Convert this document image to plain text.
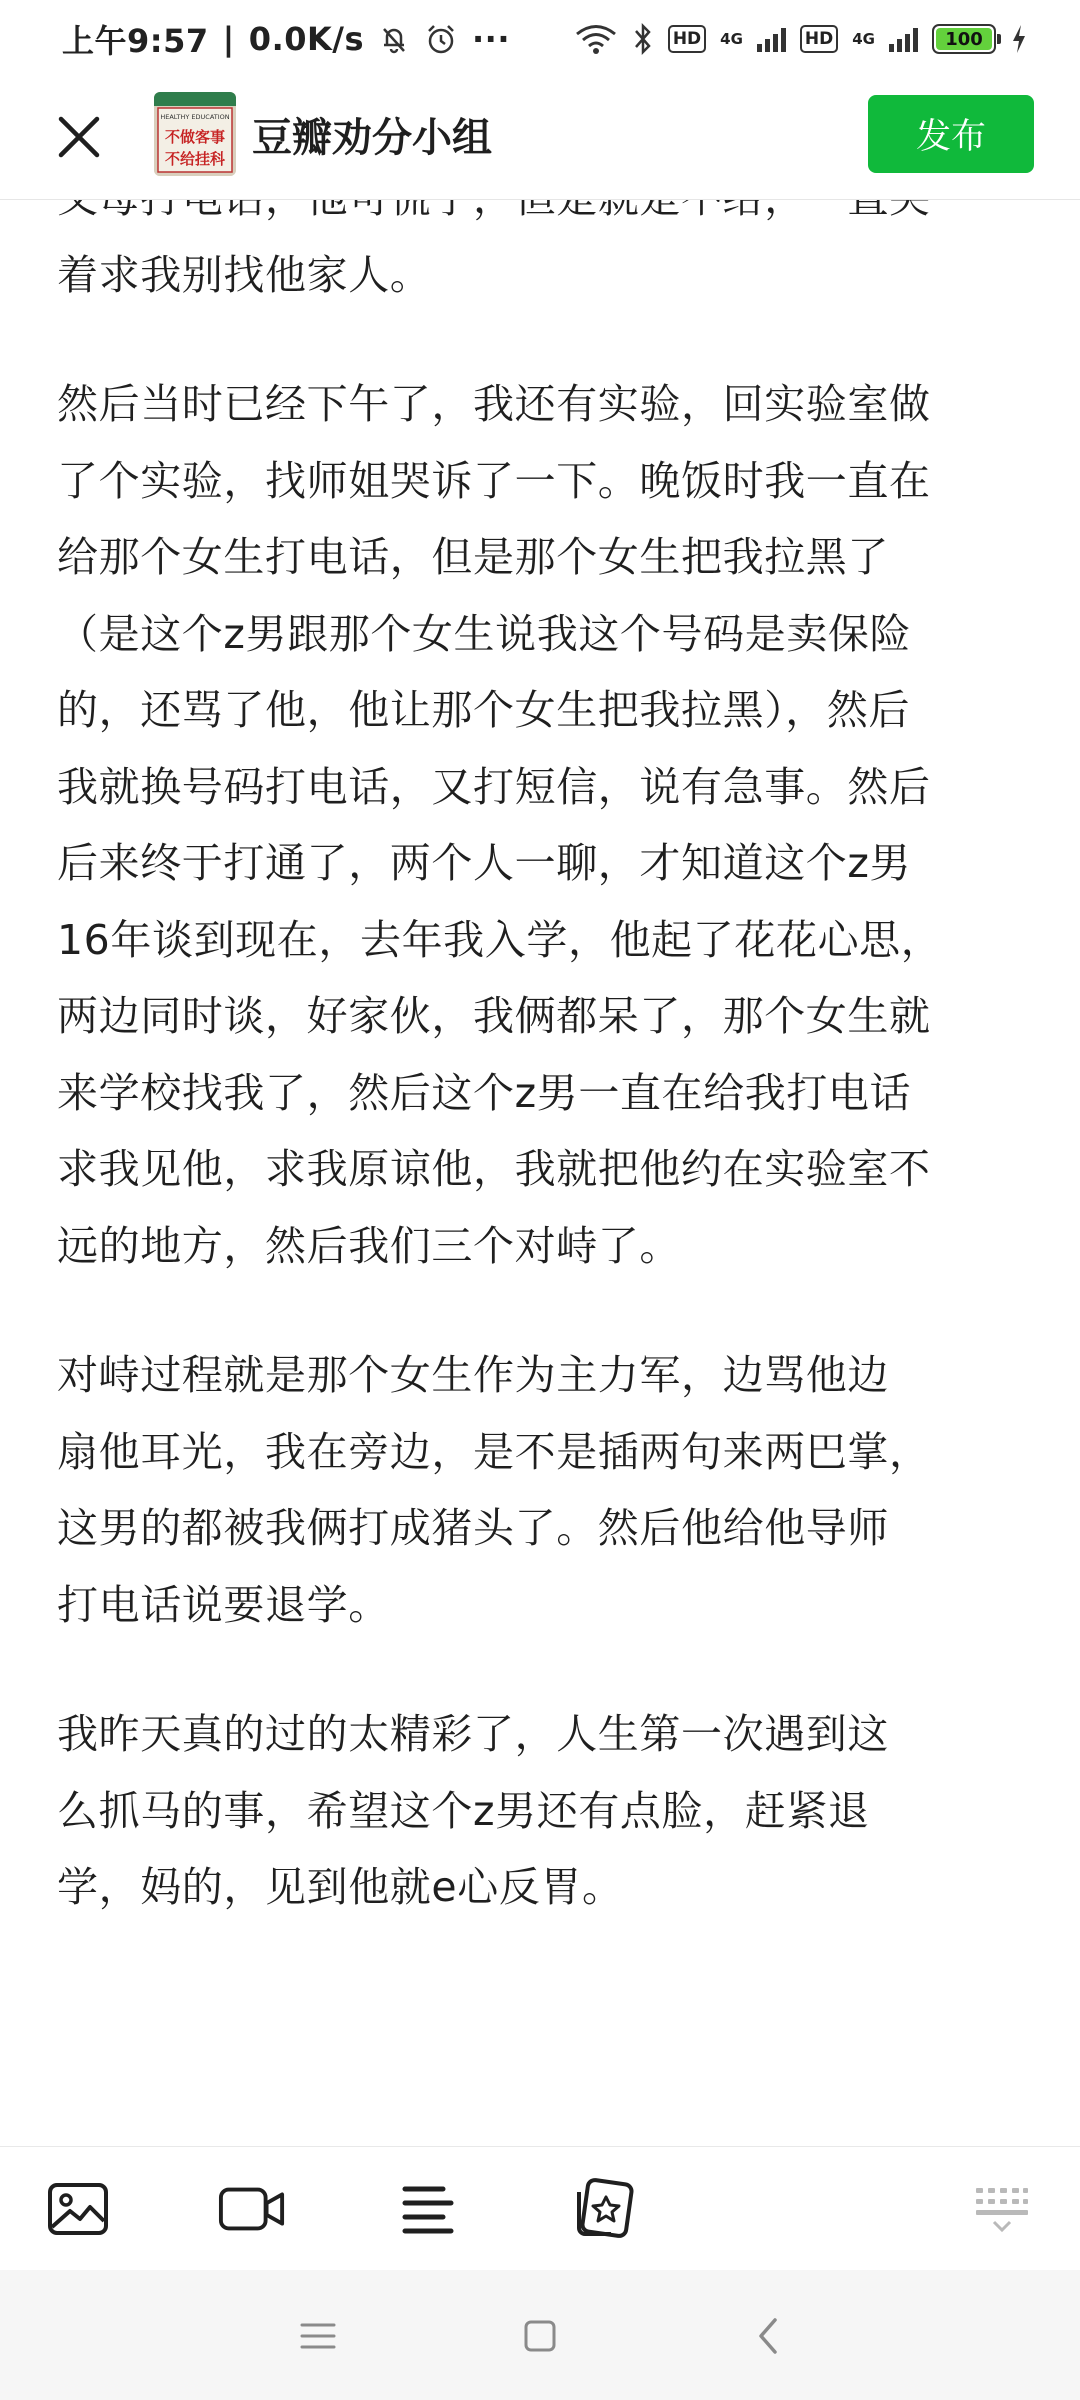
上午9:57 | 0.0K/s	···	HD	4G	HD	4G	100
HEALTHY EDUCATION
不做客事
不给挂科 豆瓣劝分小组	发布

着求我别找他家人。

然后当时已经下午了，我还有实验，回实验室做
了个实验，找师姐哭诉了一下。晚饭时我一直在
给那个女生打电话，但是那个女生把我拉黑了
（是这个z男跟那个女生说我这个号码是卖保险
的，还骂了他，他让那个女生把我拉黑），然后
我就换号码打电话，又打短信，说有急事。然后
后来终于打通了，两个人一聊，才知道这个z男
16年谈到现在，去年我入学，他起了花花心思，
两边同时谈，好家伙，我俩都呆了，那个女生就
来学校找我了，然后这个z男一直在给我打电话
求我见他，求我原谅他，我就把他约在实验室不
远的地方，然后我们三个对峙了。

对峙过程就是那个女生作为主力军，边骂他边
扇他耳光，我在旁边，是不是插两句来两巴掌，
这男的都被我俩打成猪头了。然后他给他导师
打电话说要退学。

我昨天真的过的太精彩了，人生第一次遇到这
么抓马的事，希望这个z男还有点脸，赶紧退
学，妈的，见到他就e心反胃。
